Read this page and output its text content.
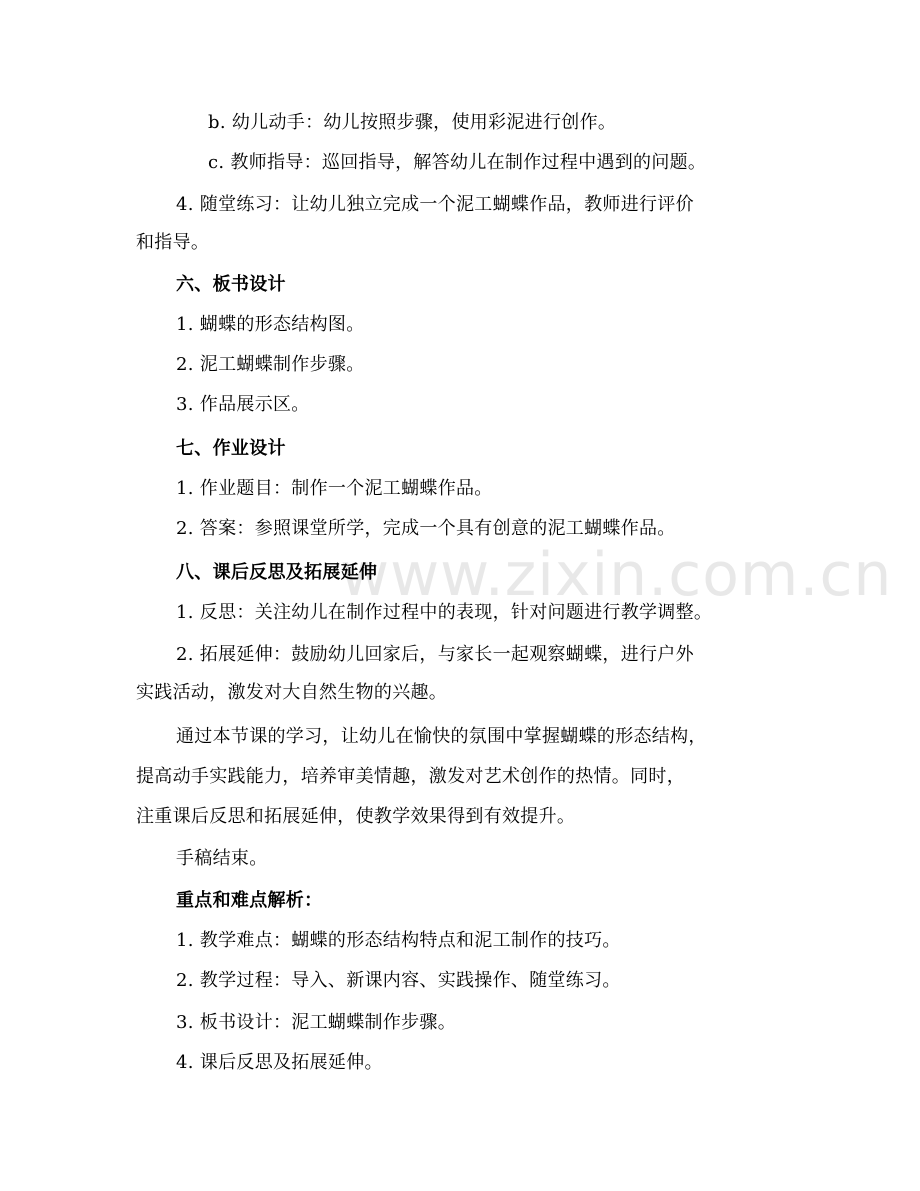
www.zixin.com.cn
b. 幼儿动手：幼儿按照步骤，使用彩泥进行创作。
c. 教师指导：巡回指导，解答幼儿在制作过程中遇到的问题。
4. 随堂练习：让幼儿独立完成一个泥工蝴蝶作品，教师进行评价
和指导。
六、板书设计
1. 蝴蝶的形态结构图。
2. 泥工蝴蝶制作步骤。
3. 作品展示区。
七、作业设计
1. 作业题目：制作一个泥工蝴蝶作品。
2. 答案：参照课堂所学，完成一个具有创意的泥工蝴蝶作品。
八、课后反思及拓展延伸
1. 反思：关注幼儿在制作过程中的表现，针对问题进行教学调整。
2. 拓展延伸：鼓励幼儿回家后，与家长一起观察蝴蝶，进行户外
实践活动，激发对大自然生物的兴趣。
通过本节课的学习，让幼儿在愉快的氛围中掌握蝴蝶的形态结构，
提高动手实践能力，培养审美情趣，激发对艺术创作的热情。同时，
注重课后反思和拓展延伸，使教学效果得到有效提升。
手稿结束。
重点和难点解析：
1. 教学难点：蝴蝶的形态结构特点和泥工制作的技巧。
2. 教学过程：导入、新课内容、实践操作、随堂练习。
3. 板书设计：泥工蝴蝶制作步骤。
4. 课后反思及拓展延伸。
